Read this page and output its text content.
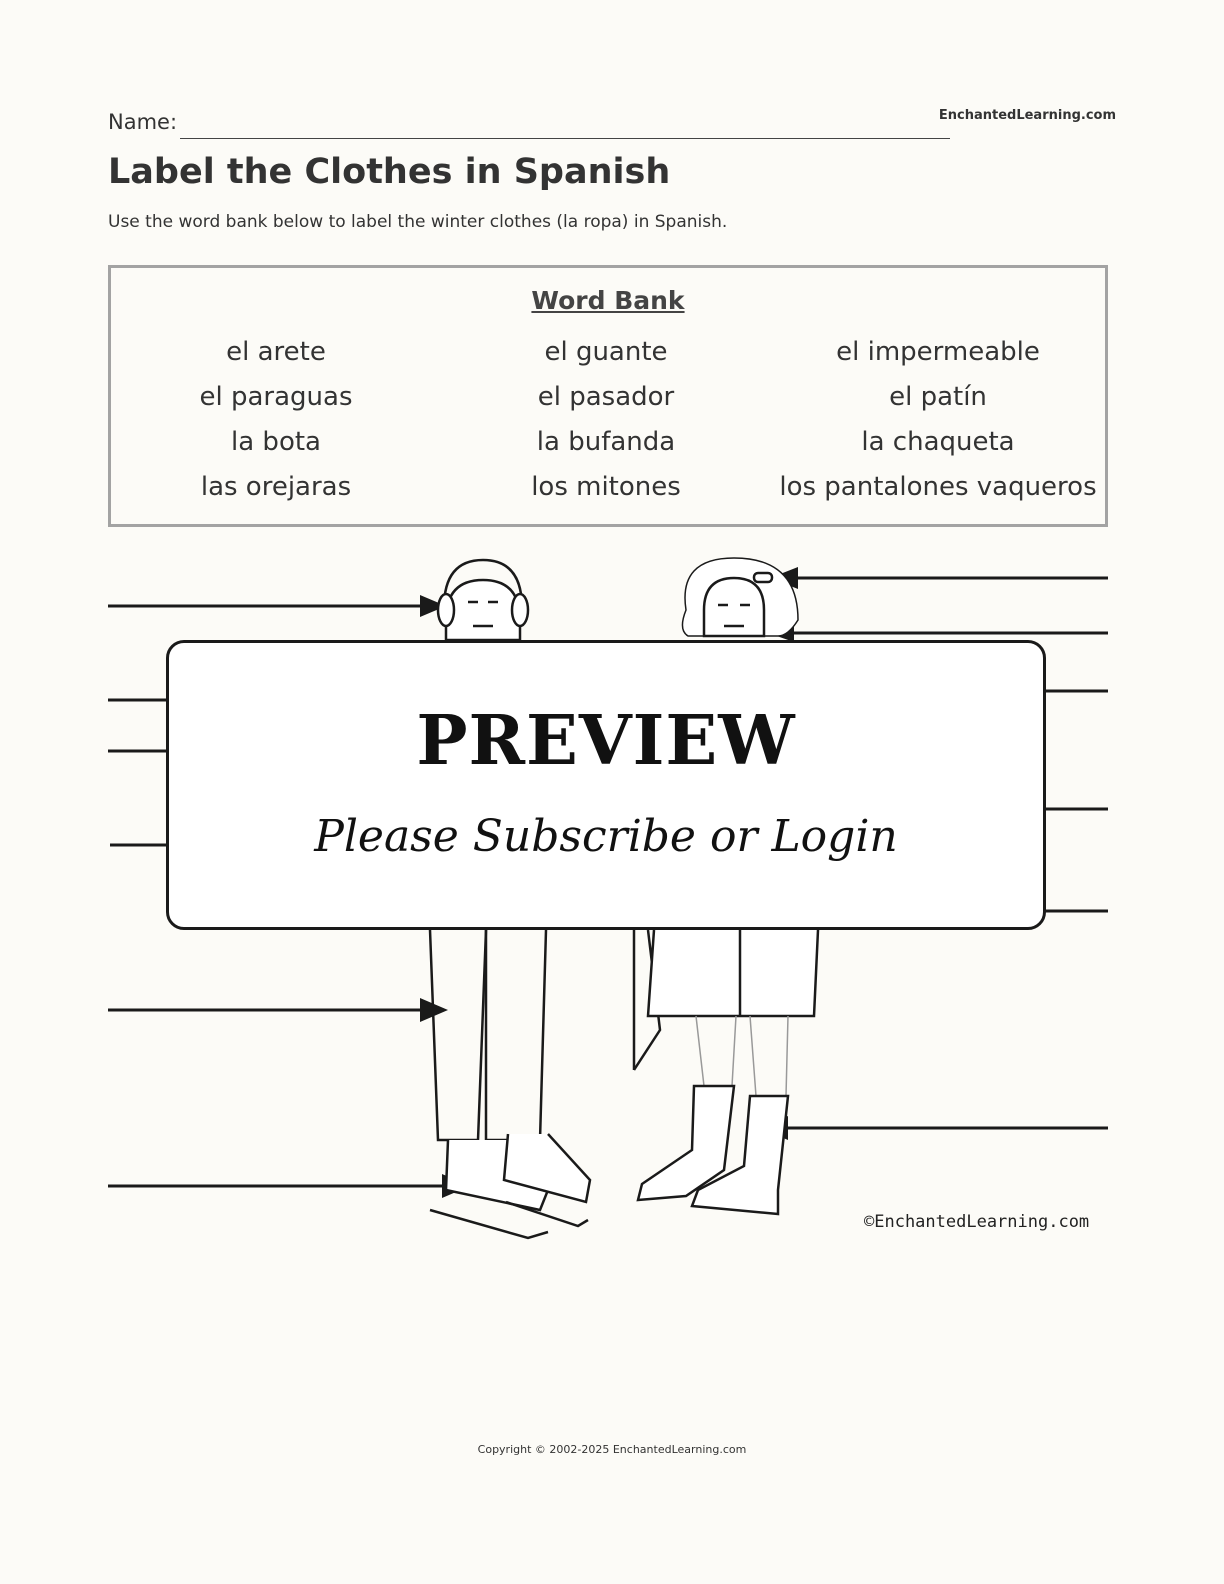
Name:	EnchantedLearning.com
Label the Clothes in Spanish
Use the word bank below to label the winter clothes (la ropa) in Spanish.
Word Bank
el arete	el guante	el impermeable
el paraguas	el pasador	el patín
la bota	la bufanda	la chaqueta
las orejaras	los mitones	los pantalones vaqueros
PREVIEW
Please Subscribe or Login
©EnchantedLearning.com
Copyright © 2002-2025 EnchantedLearning.com
